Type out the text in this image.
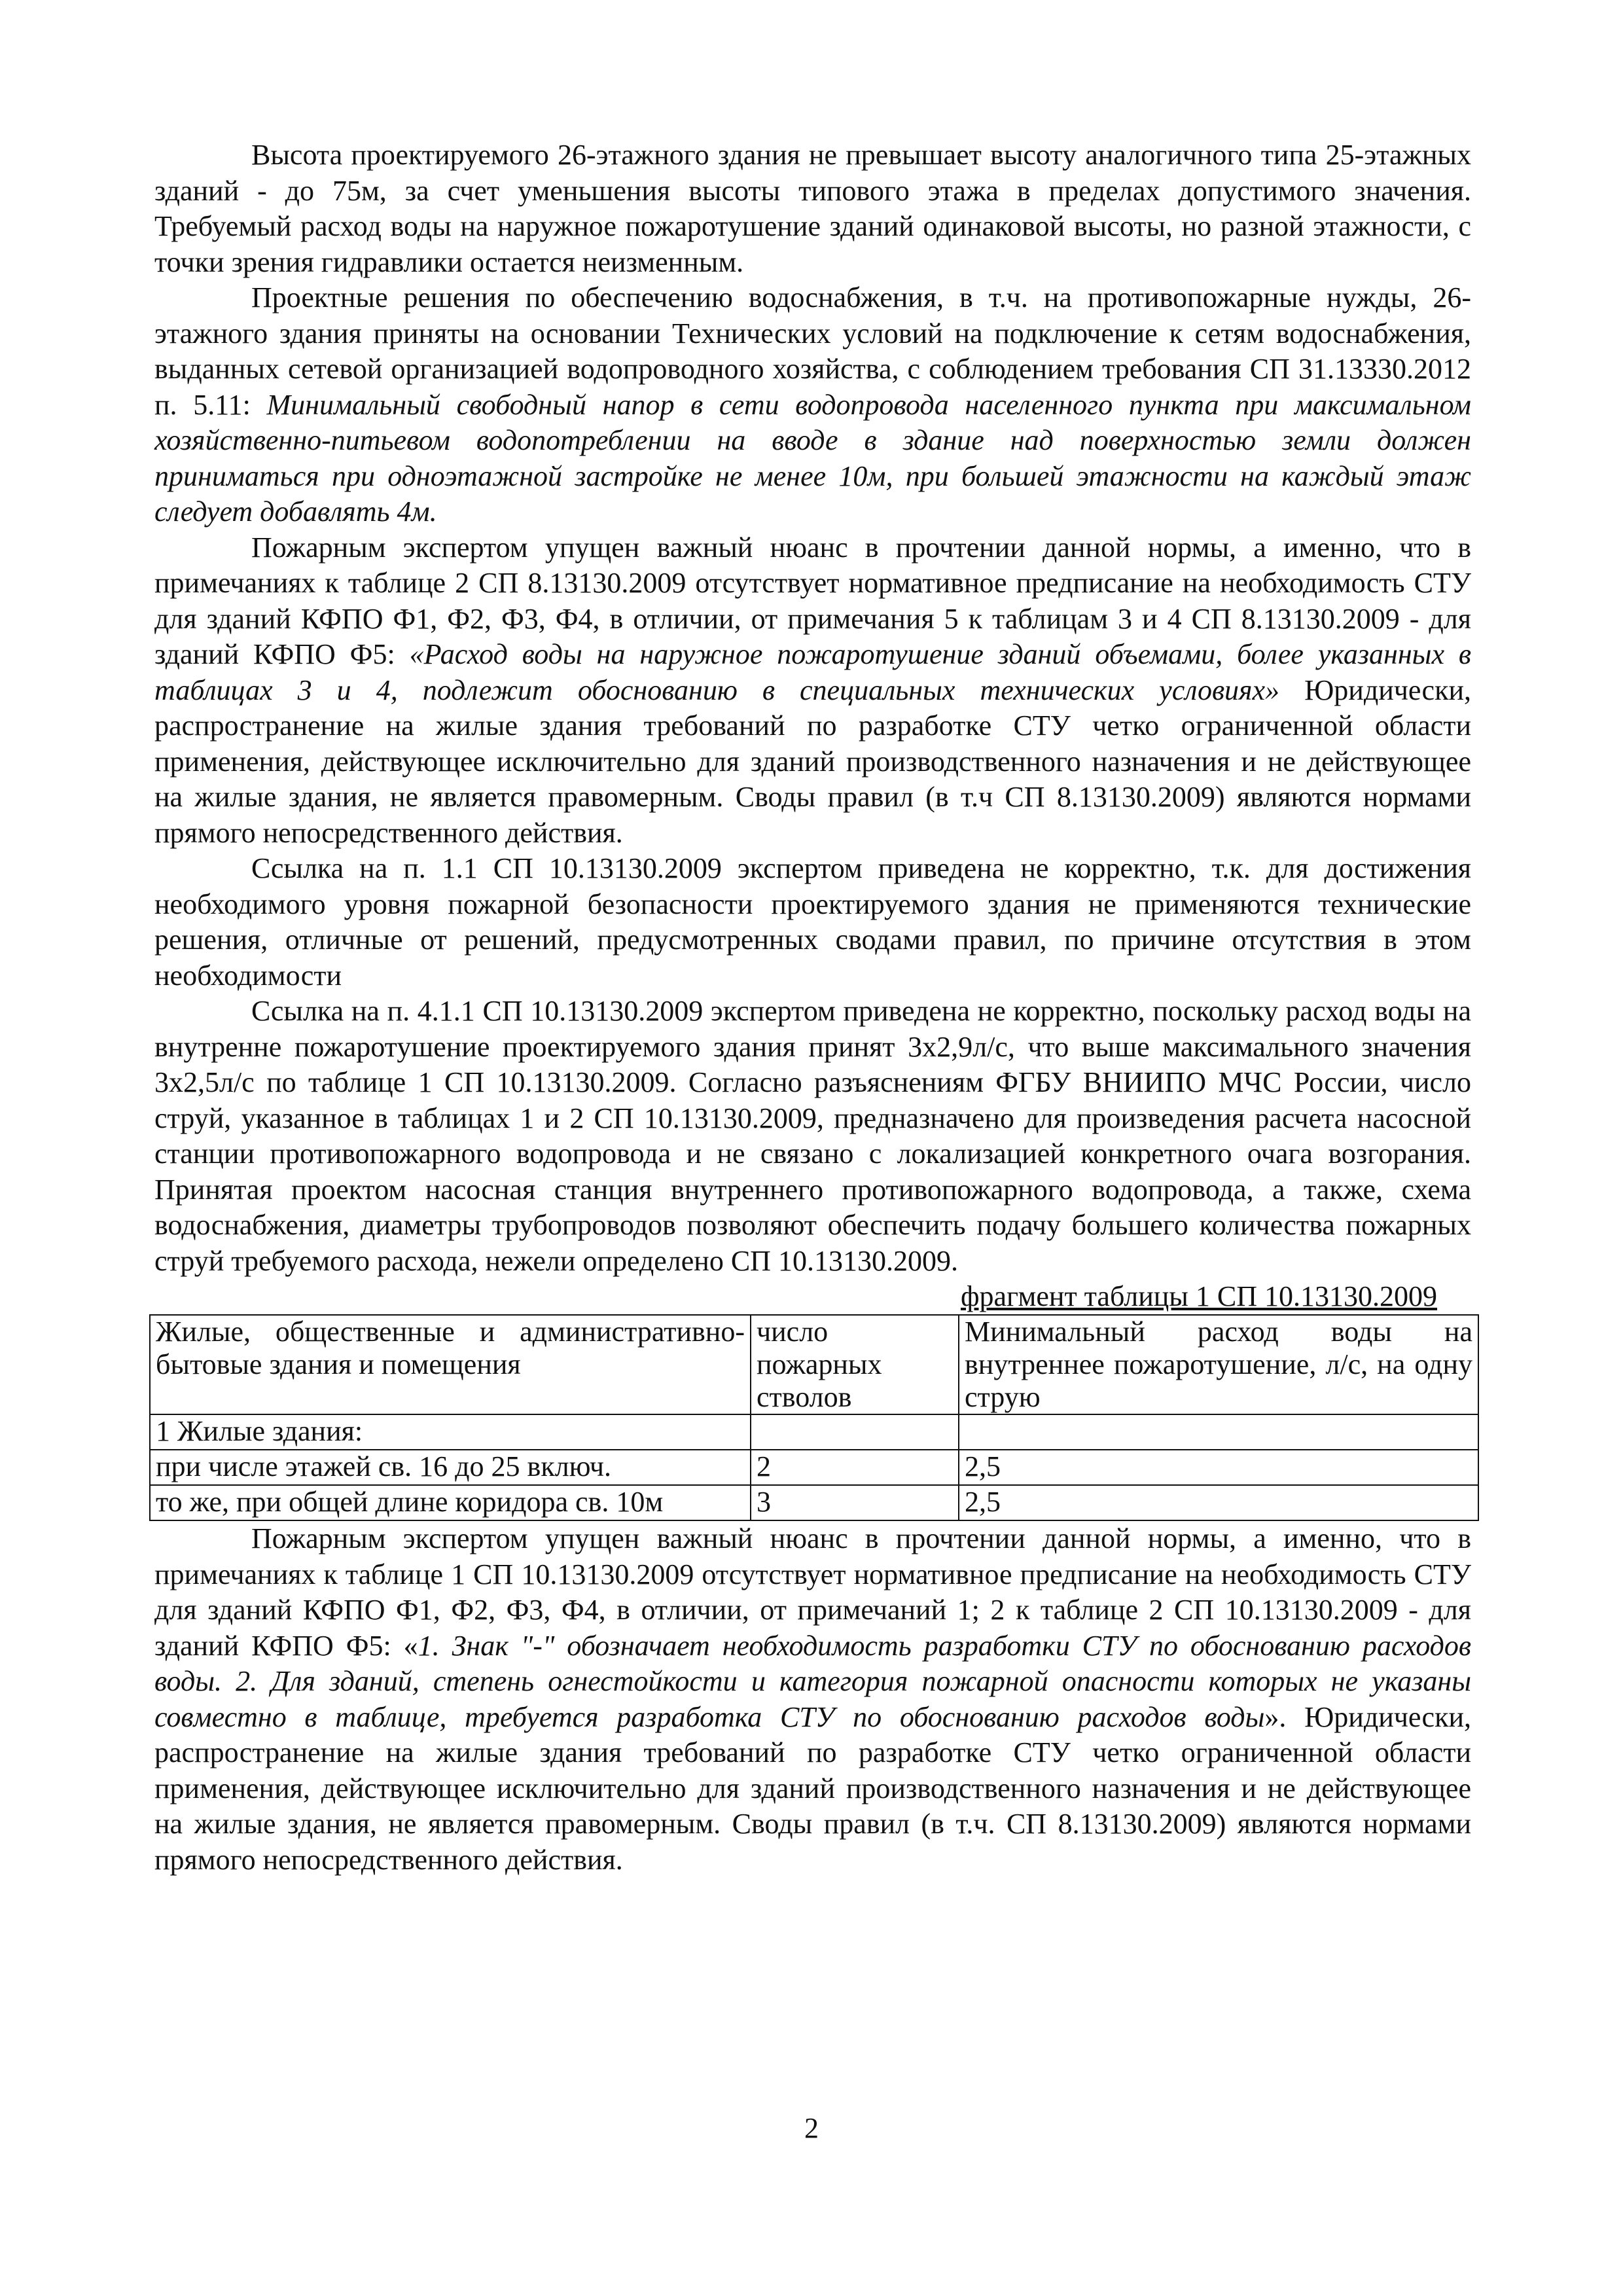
Высота проектируемого 26-этажного здания не превышает высоту аналогичного типа 25-этажных зданий - до 75м, за счет уменьшения высоты типового этажа в пределах допустимого значения. Требуемый расход воды на наружное пожаротушение зданий одинаковой высоты, но разной этажности, с точки зрения гидравлики остается неизменным.

Проектные решения по обеспечению водоснабжения, в т.ч. на противопожарные нужды, 26-этажного здания приняты на основании Технических условий на подключение к сетям водоснабжения, выданных сетевой организацией водопроводного хозяйства, с соблюдением требования СП 31.13330.2012 п. 5.11: Минимальный свободный напор в сети водопровода населенного пункта при максимальном хозяйственно-питьевом водопотреблении на вводе в здание над поверхностью земли должен приниматься при одноэтажной застройке не менее 10м, при большей этажности на каждый этаж следует добавлять 4м.

Пожарным экспертом упущен важный нюанс в прочтении данной нормы, а именно, что в примечаниях к таблице 2 СП 8.13130.2009 отсутствует нормативное предписание на необходимость СТУ для зданий КФПО Ф1, Ф2, Ф3, Ф4, в отличии, от примечания 5 к таблицам 3 и 4 СП 8.13130.2009 - для зданий КФПО Ф5: «Расход воды на наружное пожаротушение зданий объемами, более указанных в таблицах 3 и 4, подлежит обоснованию в специальных технических условиях» Юридически, распространение на жилые здания требований по разработке СТУ четко ограниченной области применения, действующее исключительно для зданий производственного назначения и не действующее на жилые здания, не является правомерным. Своды правил (в т.ч СП 8.13130.2009) являются нормами прямого непосредственного действия.

Ссылка на п. 1.1 СП 10.13130.2009 экспертом приведена не корректно, т.к. для достижения необходимого уровня пожарной безопасности проектируемого здания не применяются технические решения, отличные от решений, предусмотренных сводами правил, по причине отсутствия в этом необходимости

Ссылка на п. 4.1.1 СП 10.13130.2009 экспертом приведена не корректно, поскольку расход воды на внутренне пожаротушение проектируемого здания принят 3х2,9л/с, что выше максимального значения 3х2,5л/с по таблице 1 СП 10.13130.2009. Согласно разъяснениям ФГБУ ВНИИПО МЧС России, число струй, указанное в таблицах 1 и 2 СП 10.13130.2009, предназначено для произведения расчета насосной станции противопожарного водопровода и не связано с локализацией конкретного очага возгорания. Принятая проектом насосная станция внутреннего противопожарного водопровода, а также, схема водоснабжения, диаметры трубопроводов позволяют обеспечить подачу большего количества пожарных струй требуемого расхода, нежели определено СП 10.13130.2009.

фрагмент таблицы 1 СП 10.13130.2009
Жилые, общественные и административно-бытовые здания и помещения	число пожарных стволов	Минимальный расход воды на внутреннее пожаротушение, л/с, на одну струю
1 Жилые здания:		
при числе этажей св. 16 до 25 включ.	2	2,5
то же, при общей длине коридора св. 10м	3	2,5

Пожарным экспертом упущен важный нюанс в прочтении данной нормы, а именно, что в примечаниях к таблице 1 СП 10.13130.2009 отсутствует нормативное предписание на необходимость СТУ для зданий КФПО Ф1, Ф2, Ф3, Ф4, в отличии, от примечаний 1; 2 к таблице 2 СП 10.13130.2009 - для зданий КФПО Ф5: «1. Знак "-" обозначает необходимость разработки СТУ по обоснованию расходов воды. 2. Для зданий, степень огнестойкости и категория пожарной опасности которых не указаны совместно в таблице, требуется разработка СТУ по обоснованию расходов воды». Юридически, распространение на жилые здания требований по разработке СТУ четко ограниченной области применения, действующее исключительно для зданий производственного назначения и не действующее на жилые здания, не является правомерным. Своды правил (в т.ч. СП 8.13130.2009) являются нормами прямого непосредственного действия.

2
